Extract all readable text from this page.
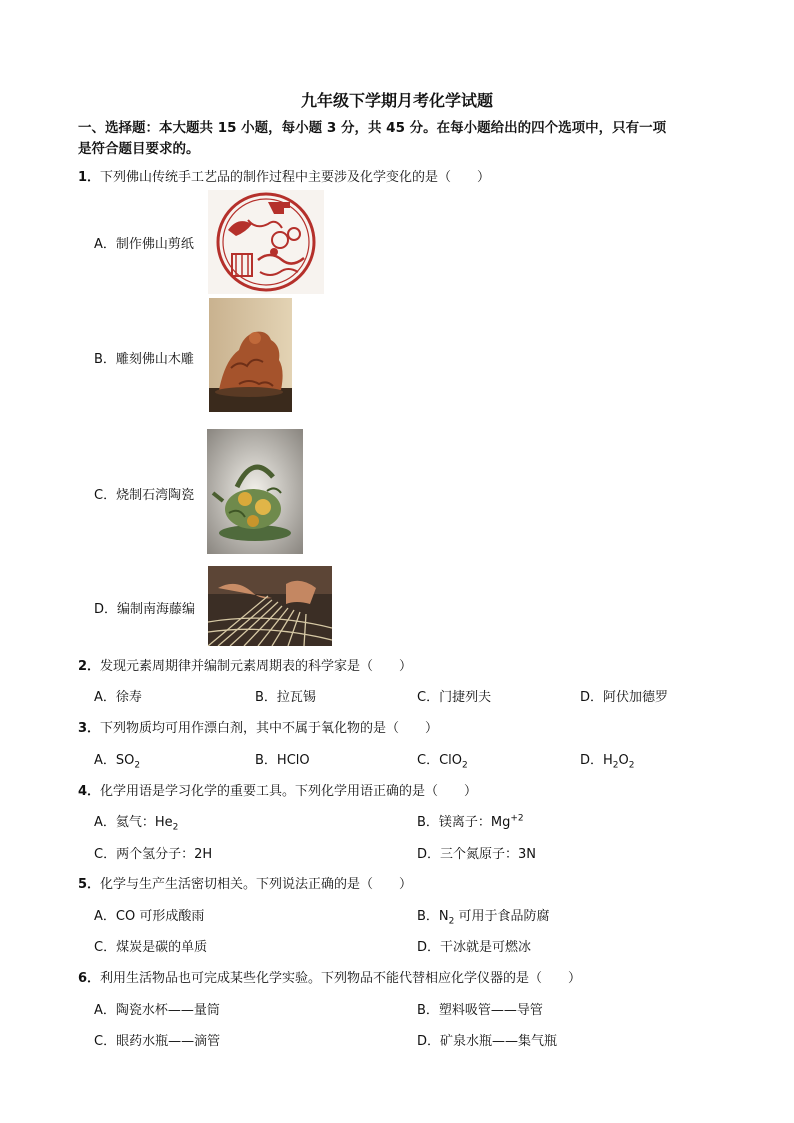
九年级下学期月考化学试题
一、选择题：本大题共 15 小题，每小题 3 分，共 45 分。在每小题给出的四个选项中，只有一项
是符合题目要求的。
1．下列佛山传统手工艺品的制作过程中主要涉及化学变化的是（　　）
A．制作佛山剪纸
B．雕刻佛山木雕
C．烧制石湾陶瓷
D．编制南海藤编
2．发现元素周期律并编制元素周期表的科学家是（　　）
A．徐寿	B．拉瓦锡	C．门捷列夫	D．阿伏加德罗
3．下列物质均可用作漂白剂，其中不属于氧化物的是（　　）
A．$SO_2$	B．HClO	C．ClO$_2$	D．$H_2O_2$
4．化学用语是学习化学的重要工具。下列化学用语正确的是（　　）
A．氦气：$He_2$	B．镁离子：$Mg^{+2}$
C．两个氢分子：2H	D．三个氮原子：3N
5．化学与生产生活密切相关。下列说法正确的是（　　）
A．CO 可形成酸雨	B．$N_2$ 可用于食品防腐
C．煤炭是碳的单质	D．干冰就是可燃冰
6．利用生活物品也可完成某些化学实验。下列物品不能代替相应化学仪器的是（　　）
A．陶瓷水杯——量筒	B．塑料吸管——导管
C．眼药水瓶——滴管	D．矿泉水瓶——集气瓶
